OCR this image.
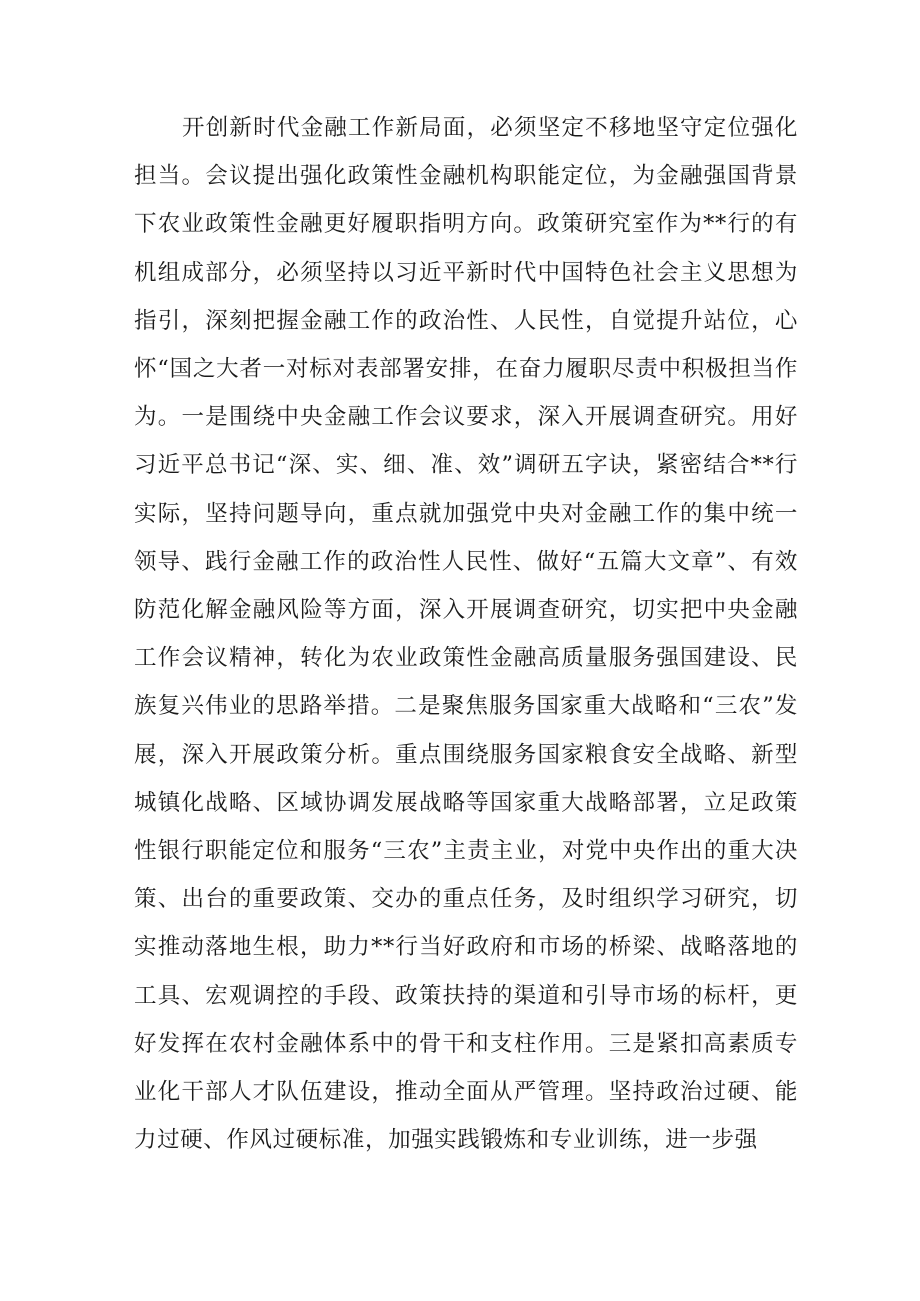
开创新时代金融工作新局面，必须坚定不移地坚守定位强化担当。会议提出强化政策性金融机构职能定位，为金融强国背景下农业政策性金融更好履职指明方向。政策研究室作为**行的有机组成部分，必须坚持以习近平新时代中国特色社会主义思想为指引，深刻把握金融工作的政治性、人民性，自觉提升站位，心怀“国之大者一对标对表部署安排，在奋力履职尽责中积极担当作为。一是围绕中央金融工作会议要求，深入开展调查研究。用好习近平总书记“深、实、细、准、效”调研五字诀，紧密结合**行实际，坚持问题导向，重点就加强党中央对金融工作的集中统一领导、践行金融工作的政治性人民性、做好“五篇大文章”、有效防范化解金融风险等方面，深入开展调查研究，切实把中央金融工作会议精神，转化为农业政策性金融高质量服务强国建设、民族复兴伟业的思路举措。二是聚焦服务国家重大战略和“三农”发展，深入开展政策分析。重点围绕服务国家粮食安全战略、新型城镇化战略、区域协调发展战略等国家重大战略部署，立足政策性银行职能定位和服务“三农”主责主业，对党中央作出的重大决策、出台的重要政策、交办的重点任务，及时组织学习研究，切实推动落地生根，助力**行当好政府和市场的桥梁、战略落地的工具、宏观调控的手段、政策扶持的渠道和引导市场的标杆，更好发挥在农村金融体系中的骨干和支柱作用。三是紧扣高素质专业化干部人才队伍建设，推动全面从严管理。坚持政治过硬、能力过硬、作风过硬标准，加强实践锻炼和专业训练，进一步强
